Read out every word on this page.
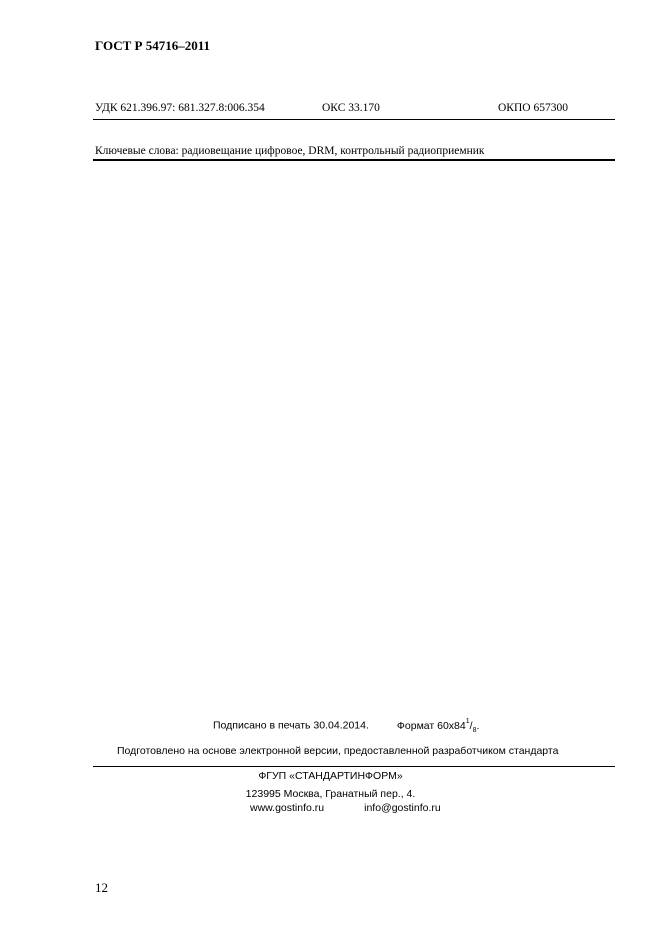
ГОСТ Р 54716–2011
УДК 621.396.97: 681.327.8:006.354	ОКС 33.170	ОКПО 657300
Ключевые слова: радиовещание цифровое, DRM, контрольный радиоприемник
Подписано в печать 30.04.2014.	Формат $60х84^1/_8$.
Подготовлено на основе электронной версии, предоставленной разработчиком стандарта
ФГУП «СТАНДАРТИНФОРМ»
123995 Москва, Гранатный пер., 4.
www.gostinfo.ru	info@gostinfo.ru
12
